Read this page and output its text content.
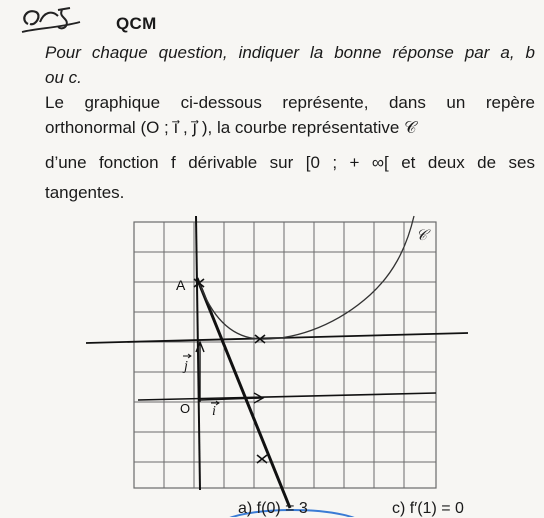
QCM
Pour chaque question, indiquer la bonne réponse par a, b
ou c.
Le graphique ci-dessous représente, dans un repère
orthonormal (O ; i⃗ , j⃗ ), la courbe représentative 𝒞
d’une fonction f dérivable sur [0 ; + ∞[ et deux de ses
tangentes.
𝒞
A
O i
j
a) f(0) = 3	c) f′(1) = 0
